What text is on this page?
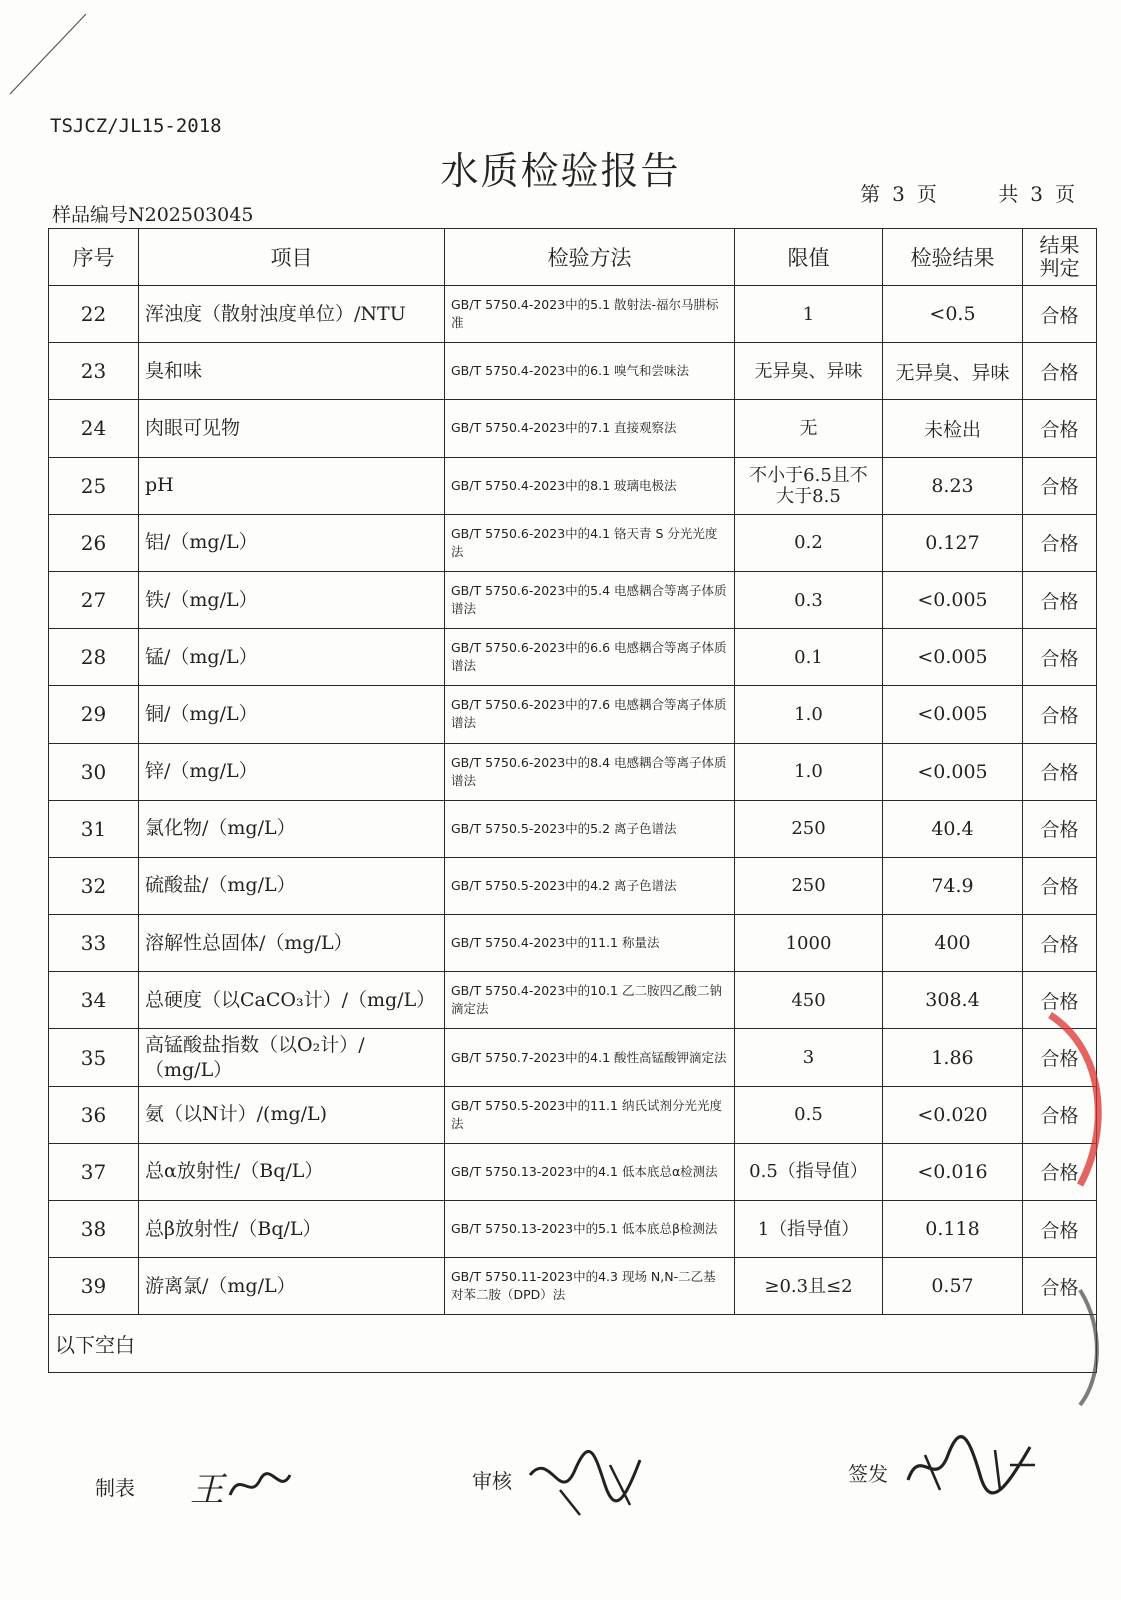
TSJCZ/JL15-2018
水质检验报告
样品编号N202503045
第 3 页	共 3 页
序号	项目	检验方法	限值	检验结果	结果
判定

22	浑浊度（散射浊度单位）/NTU	GB/T 5750.4-2023中的5.1 散射法-福尔马肼标准	1	<0.5	合格
23	臭和味	GB/T 5750.4-2023中的6.1 嗅气和尝味法	无异臭、异味	无异臭、异味	合格
24	肉眼可见物	GB/T 5750.4-2023中的7.1 直接观察法	无	未检出	合格
25	pH	GB/T 5750.4-2023中的8.1 玻璃电极法	不小于6.5且不大于8.5	8.23	合格
26	铝/（mg/L）	GB/T 5750.6-2023中的4.1 铬天青 S 分光光度法	0.2	0.127	合格
27	铁/（mg/L）	GB/T 5750.6-2023中的5.4 电感耦合等离子体质谱法	0.3	<0.005	合格
28	锰/（mg/L）	GB/T 5750.6-2023中的6.6 电感耦合等离子体质谱法	0.1	<0.005	合格
29	铜/（mg/L）	GB/T 5750.6-2023中的7.6 电感耦合等离子体质谱法	1.0	<0.005	合格
30	锌/（mg/L）	GB/T 5750.6-2023中的8.4 电感耦合等离子体质谱法	1.0	<0.005	合格
31	氯化物/（mg/L）	GB/T 5750.5-2023中的5.2 离子色谱法	250	40.4	合格
32	硫酸盐/（mg/L）	GB/T 5750.5-2023中的4.2 离子色谱法	250	74.9	合格
33	溶解性总固体/（mg/L）	GB/T 5750.4-2023中的11.1 称量法	1000	400	合格
34	总硬度（以CaCO₃计）/（mg/L）	GB/T 5750.4-2023中的10.1 乙二胺四乙酸二钠滴定法	450	308.4	合格
35	高锰酸盐指数（以O₂计）/（mg/L）	GB/T 5750.7-2023中的4.1 酸性高锰酸钾滴定法	3	1.86	合格
36	氨（以N计）/(mg/L)	GB/T 5750.5-2023中的11.1 纳氏试剂分光光度法	0.5	<0.020	合格
37	总α放射性/（Bq/L）	GB/T 5750.13-2023中的4.1 低本底总α检测法	0.5（指导值）	<0.016	合格
38	总β放射性/（Bq/L）	GB/T 5750.13-2023中的5.1 低本底总β检测法	1（指导值）	0.118	合格
39	游离氯/（mg/L）	GB/T 5750.11-2023中的4.3 现场 N,N-二乙基对苯二胺（DPD）法	≥0.3且≤2	0.57	合格
以下空白					
制表 王	审核	签发
